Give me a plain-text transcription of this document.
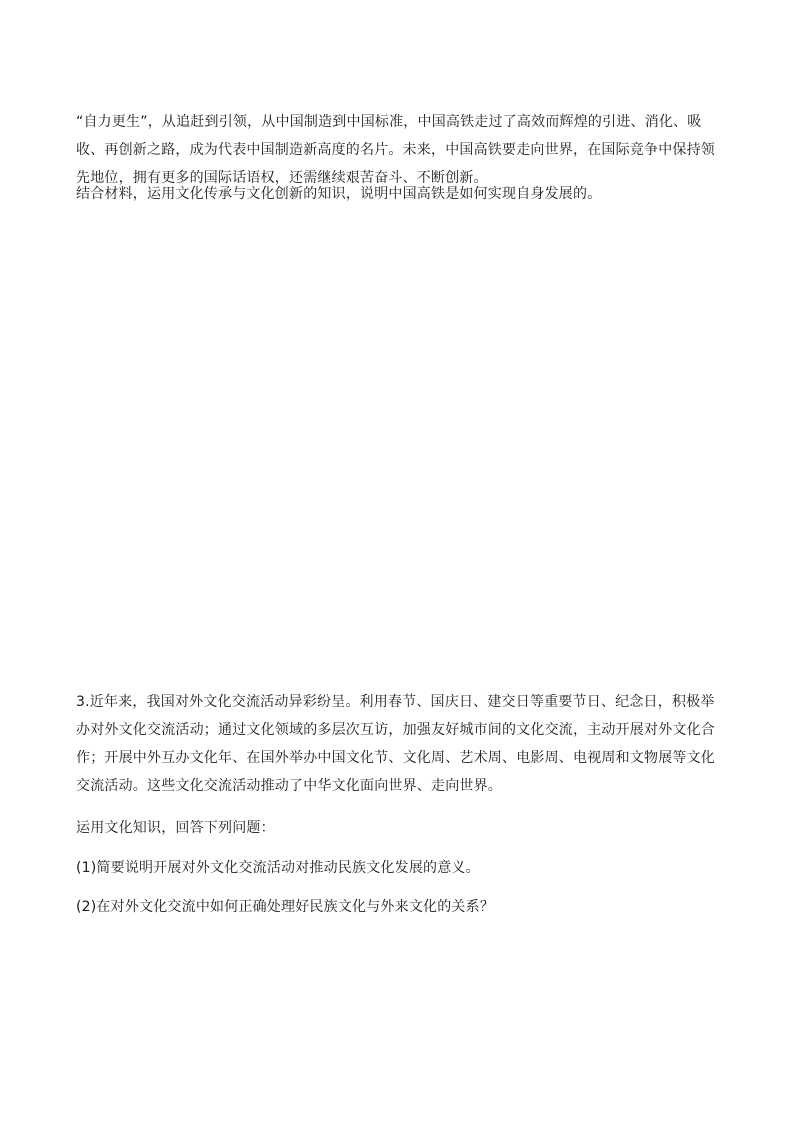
“自力更生”，从追赶到引领，从中国制造到中国标准，中国高铁走过了高效而辉煌的引进、消化、吸收、再创新之路，成为代表中国制造新高度的名片。未来，中国高铁要走向世界，在国际竞争中保持领先地位，拥有更多的国际话语权，还需继续艰苦奋斗、不断创新。

结合材料，运用文化传承与文化创新的知识，说明中国高铁是如何实现自身发展的。

3.近年来，我国对外文化交流活动异彩纷呈。利用春节、国庆日、建交日等重要节日、纪念日，积极举办对外文化交流活动；通过文化领域的多层次互访，加强友好城市间的文化交流，主动开展对外文化合作；开展中外互办文化年、在国外举办中国文化节、文化周、艺术周、电影周、电视周和文物展等文化交流活动。这些文化交流活动推动了中华文化面向世界、走向世界。

运用文化知识，回答下列问题：

(1)简要说明开展对外文化交流活动对推动民族文化发展的意义。

(2)在对外文化交流中如何正确处理好民族文化与外来文化的关系？
